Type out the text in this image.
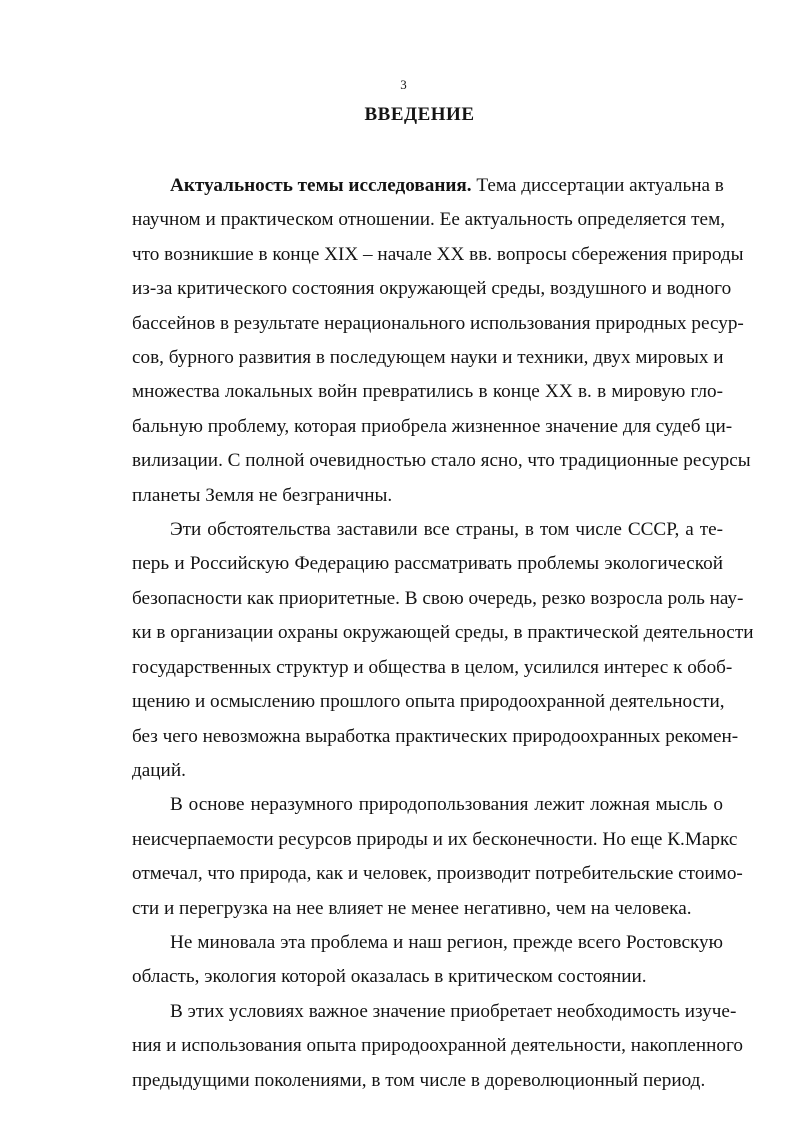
3
ВВЕДЕНИЕ

Актуальность темы исследования. Тема диссертации актуальна в
научном и практическом отношении. Ее актуальность определяется тем,
что возникшие в конце XIX – начале XX вв. вопросы сбережения природы
из-за критического состояния окружающей среды, воздушного и водного
бассейнов в результате нерационального использования природных ресур-
сов, бурного развития в последующем науки и техники, двух мировых и
множества локальных войн превратились в конце XX в. в мировую гло-
бальную проблему, которая приобрела жизненное значение для судеб ци-
вилизации. С полной очевидностью стало ясно, что традиционные ресурсы
планеты Земля не безграничны.

Эти обстоятельства заставили все страны, в том числе СССР, а те-
перь и Российскую Федерацию рассматривать проблемы экологической
безопасности как приоритетные. В свою очередь, резко возросла роль нау-
ки в организации охраны окружающей среды, в практической деятельности
государственных структур и общества в целом, усилился интерес к обоб-
щению и осмыслению прошлого опыта природоохранной деятельности,
без чего невозможна выработка практических природоохранных рекомен-
даций.

В основе неразумного природопользования лежит ложная мысль о
неисчерпаемости ресурсов природы и их бесконечности. Но еще К.Маркс
отмечал, что природа, как и человек, производит потребительские стоимо-
сти и перегрузка на нее влияет не менее негативно, чем на человека.

Не миновала эта проблема и наш регион, прежде всего Ростовскую
область, экология которой оказалась в критическом состоянии.

В этих условиях важное значение приобретает необходимость изуче-
ния и использования опыта природоохранной деятельности, накопленного
предыдущими поколениями, в том числе в дореволюционный период.
